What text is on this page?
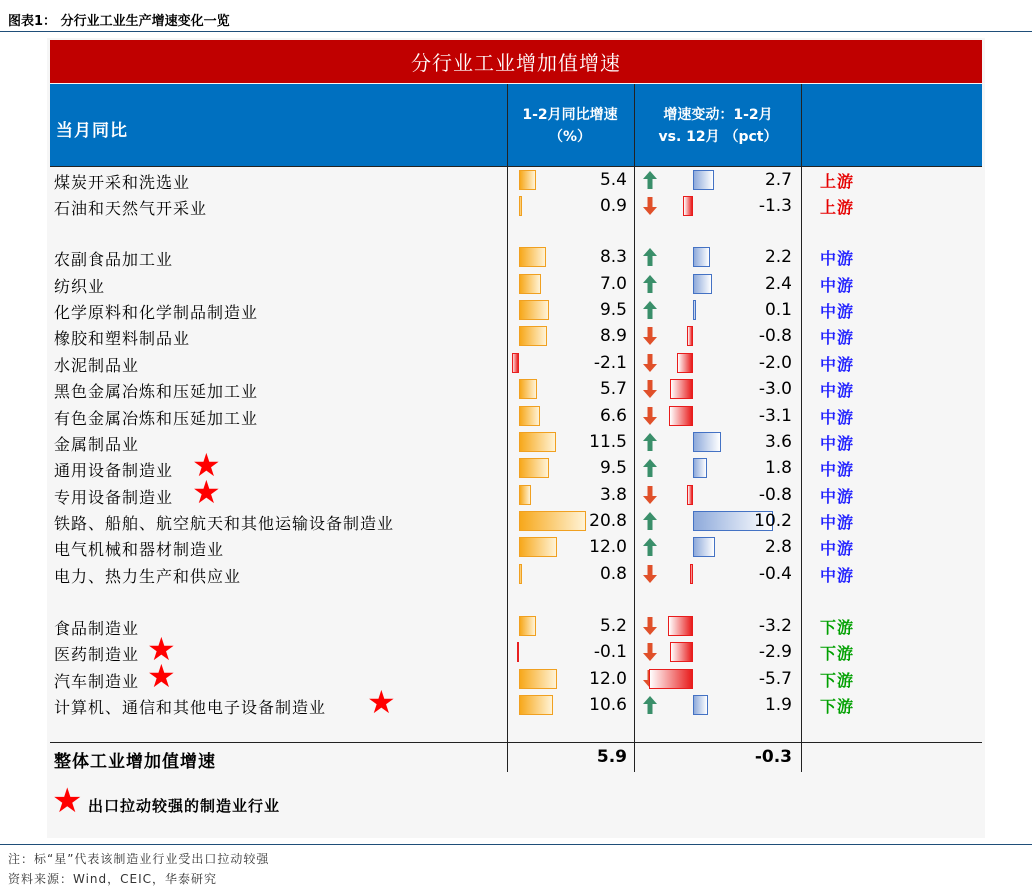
图表1： 分行业工业生产增速变化一览
分行业工业增加值增速
当月同比
1-2月同比增速
（%）
增速变动：1-2月
vs. 12月 （pct）
煤炭开采和洗选业	5.4	2.7 上游
石油和天然气开采业	0.9	-1.3 上游
农副食品加工业	8.3	2.2 中游
纺织业	7.0	2.4 中游
化学原料和化学制品制造业	9.5	0.1 中游
橡胶和塑料制品业	8.9	-0.8 中游
水泥制品业	-2.1	-2.0 中游
黑色金属冶炼和压延加工业	5.7	-3.0 中游
有色金属冶炼和压延加工业	6.6	-3.1 中游
金属制品业	11.5	3.6 中游
通用设备制造业 ★	9.5	1.8 中游
专用设备制造业 ★	3.8	-0.8 中游
铁路、船舶、航空航天和其他运输设备制造业	20.8	10.2 中游
电气机械和器材制造业	12.0	2.8 中游
电力、热力生产和供应业	0.8	-0.4 中游
食品制造业	5.2	-3.2 下游
医药制造业 ★	-0.1	-2.9 下游
汽车制造业 ★	12.0	-5.7 下游
计算机、通信和其他电子设备制造业 ★	10.6	1.9 下游
整体工业增加值增速	5.9	-0.3
★ 出口拉动较强的制造业行业
注：标“星”代表该制造业行业受出口拉动较强
资料来源：Wind，CEIC，华泰研究
